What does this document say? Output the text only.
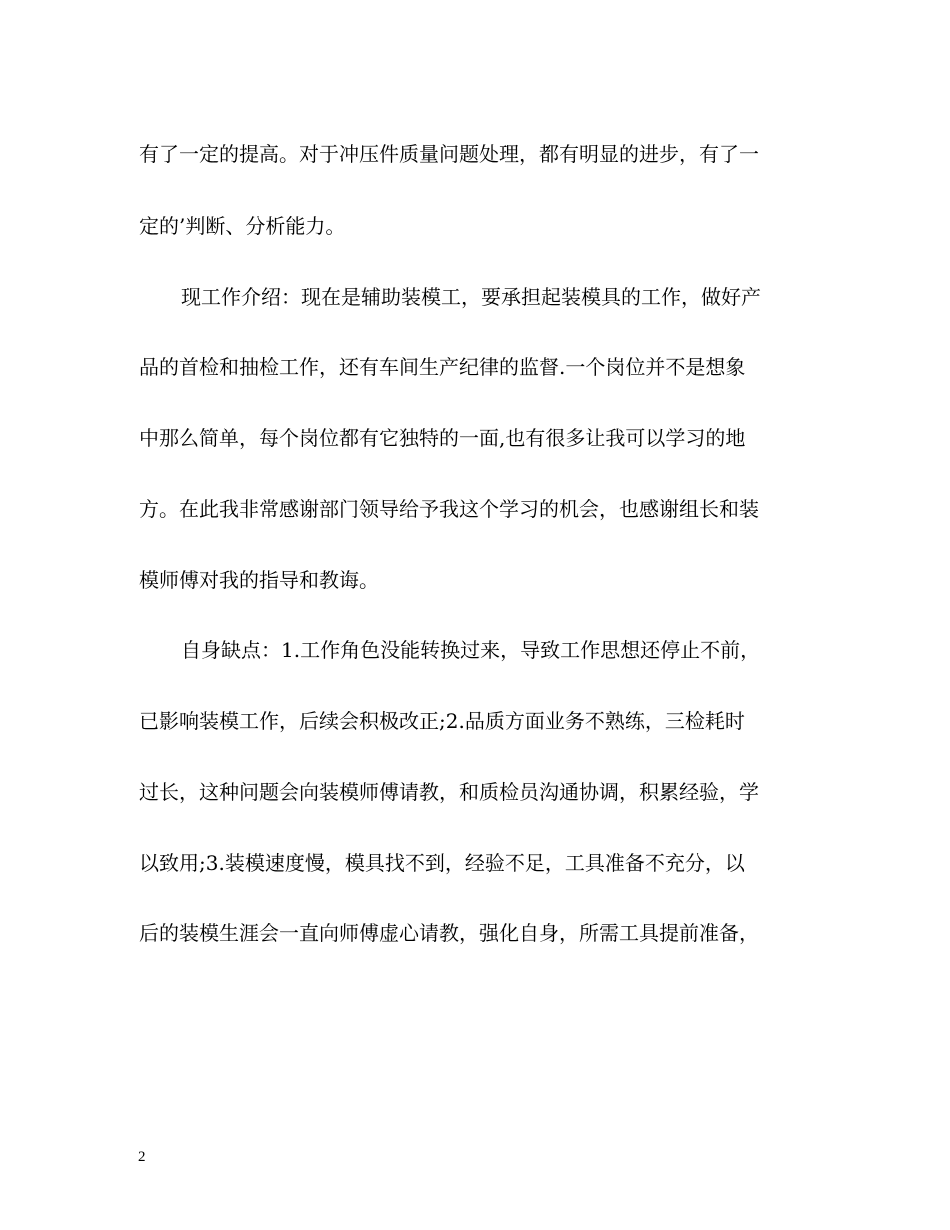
有了一定的提高。对于冲压件质量问题处理，都有明显的进步，有了一
定的’判断、分析能力。
现工作介绍：现在是辅助装模工，要承担起装模具的工作，做好产
品的首检和抽检工作，还有车间生产纪律的监督.一个岗位并不是想象
中那么简单，每个岗位都有它独特的一面,也有很多让我可以学习的地
方。在此我非常感谢部门领导给予我这个学习的机会，也感谢组长和装
模师傅对我的指导和教诲。
自身缺点：1.工作角色没能转换过来，导致工作思想还停止不前，
已影响装模工作，后续会积极改正;2.品质方面业务不熟练，三检耗时
过长，这种问题会向装模师傅请教，和质检员沟通协调，积累经验，学
以致用;3.装模速度慢，模具找不到，经验不足，工具准备不充分，以
后的装模生涯会一直向师傅虚心请教，强化自身，所需工具提前准备，
2
